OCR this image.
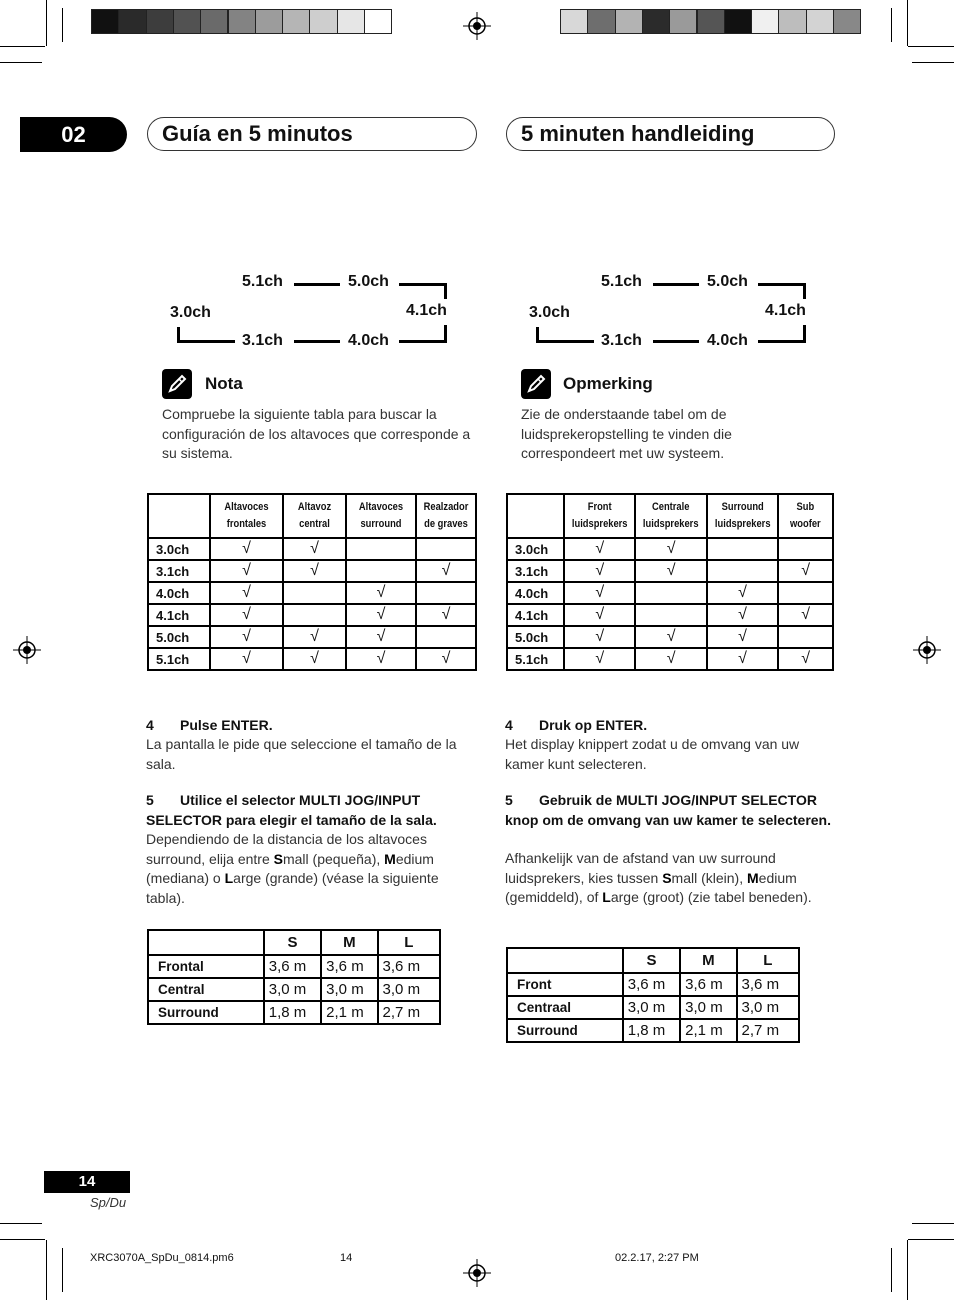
02	Guía en 5 minutos	5 minuten handleiding
5.1ch	5.0ch
4.1ch
4.0ch
3.1ch
3.0ch
5.1ch	5.0ch
4.1ch
4.0ch
3.1ch
3.0ch
Nota
Compruebe la siguiente tabla para buscar la configuración de los altavoces que corresponde a su sistema.
Opmerking
Zie de onderstaande tabel om de luidsprekeropstelling te vinden die correspondeert met uw systeem.
	Altavoces frontales	Altavoz central	Altavoces surround	Realzador de graves
3.0ch	√	√		
3.1ch	√	√		√
4.0ch	√		√	
4.1ch	√		√	√
5.0ch	√	√	√	
5.1ch	√	√	√	√
	Front luidsprekers	Centrale luidsprekers	Surround luidsprekers	Sub woofer
3.0ch	√	√		
3.1ch	√	√		√
4.0ch	√		√	
4.1ch	√		√	√
5.0ch	√	√	√	
5.1ch	√	√	√	√
4 Pulse ENTER.
La pantalla le pide que seleccione el tamaño de la sala.
5 Utilice el selector MULTI JOG/INPUT SELECTOR para elegir el tamaño de la sala.
Dependiendo de la distancia de los altavoces surround, elija entre Small (pequeña), Medium (mediana) o Large (grande) (véase la siguiente tabla).
4 Druk op ENTER.
Het display knippert zodat u de omvang van uw kamer kunt selecteren.
5 Gebruik de MULTI JOG/INPUT SELECTOR knop om de omvang van uw kamer te selecteren.
Afhankelijk van de afstand van uw surround luidsprekers, kies tussen Small (klein), Medium (gemiddeld), of Large (groot) (zie tabel beneden).
	S	M	L
Frontal	3,6 m	3,6 m	3,6 m
Central	3,0 m	3,0 m	3,0 m
Surround	1,8 m	2,1 m	2,7 m
	S	M	L
Front	3,6 m	3,6 m	3,6 m
Centraal	3,0 m	3,0 m	3,0 m
Surround	1,8 m	2,1 m	2,7 m
14
Sp/Du
XRC3070A_SpDu_0814.pm6	14	02.2.17, 2:27 PM
